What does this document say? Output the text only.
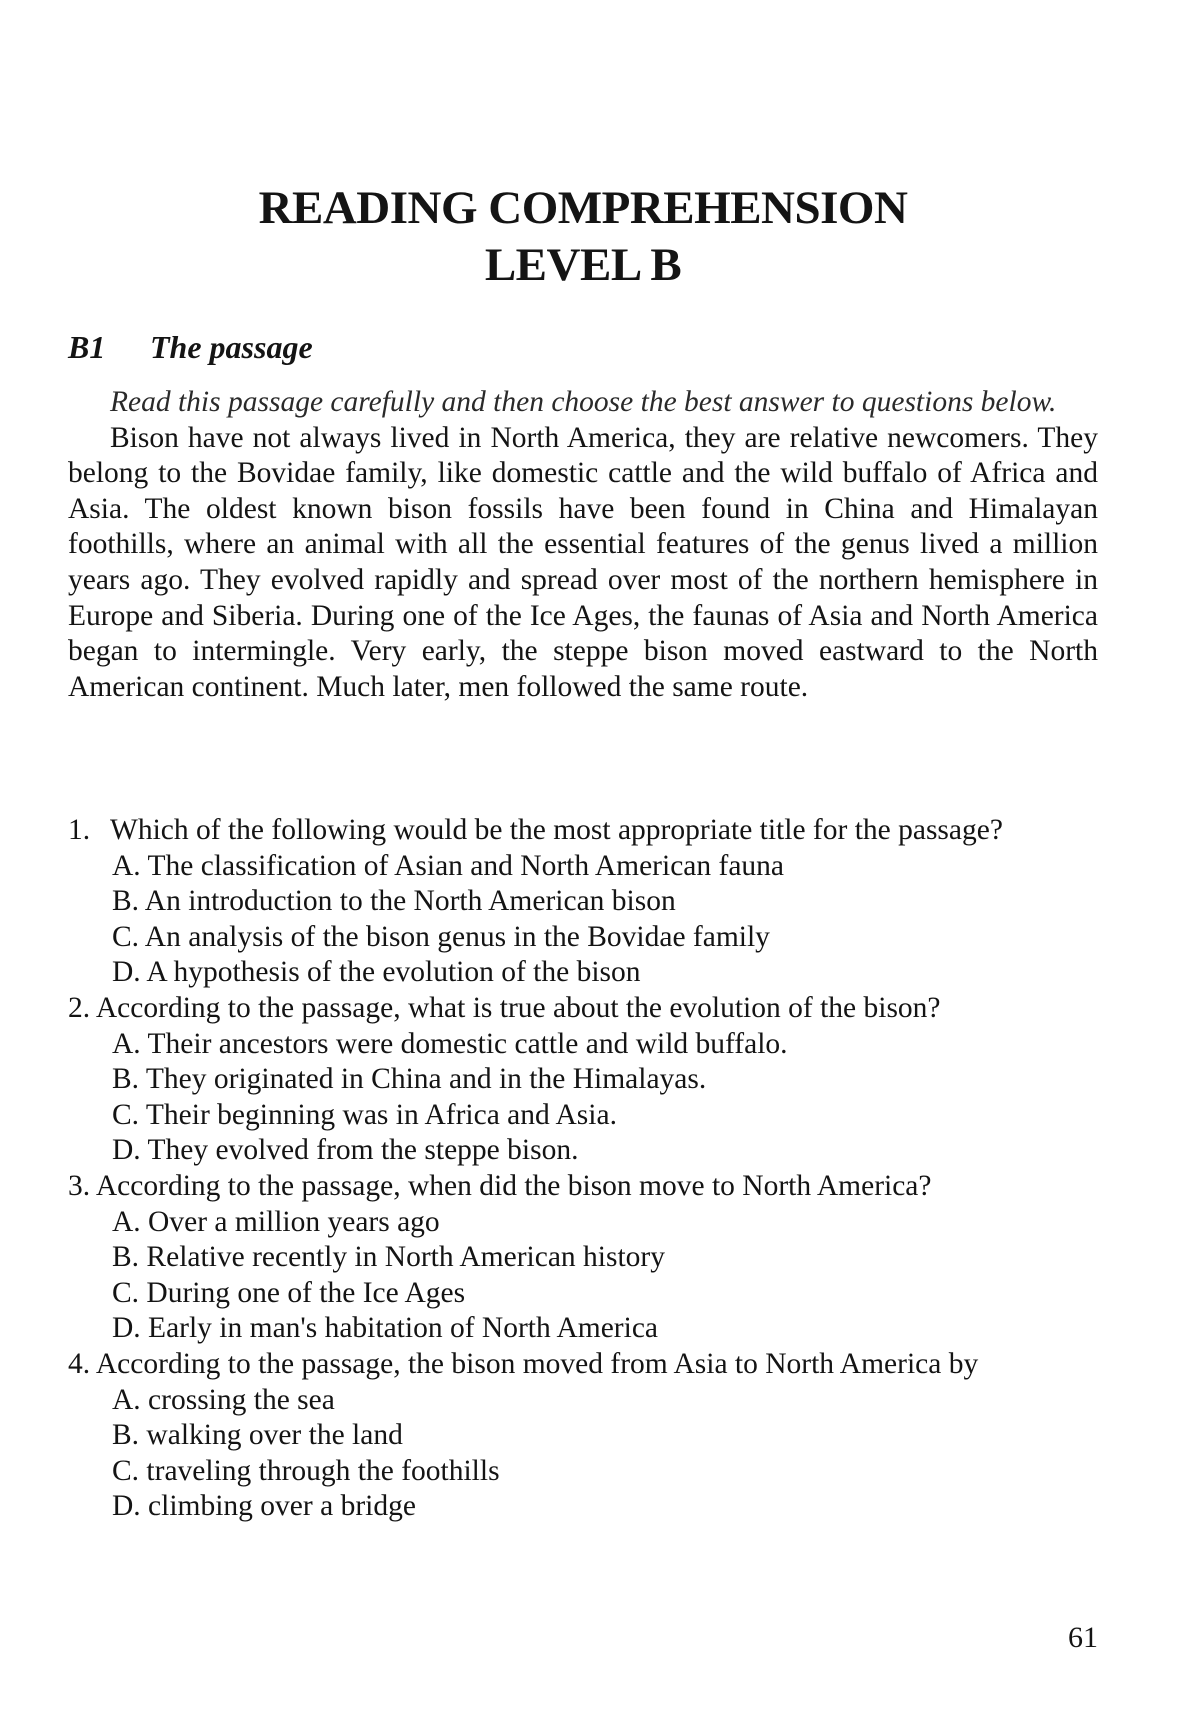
READING COMPREHENSION
LEVEL B
B1 The passage

Read this passage carefully and then choose the best answer to questions below.

Bison have not always lived in North America, they are relative newcomers. They belong to the Bovidae family, like domestic cattle and the wild buffalo of Africa and Asia. The oldest known bison fossils have been found in China and Himalayan foothills, where an animal with all the essential features of the genus lived a million years ago. They evolved rapidly and spread over most of the northern hemisphere in Europe and Siberia. During one of the Ice Ages, the faunas of Asia and North America began to intermingle. Very early, the steppe bison moved eastward to the North American continent. Much later, men followed the same route.

1. Which of the following would be the most appropriate title for the passage?
A. The classification of Asian and North American fauna
B. An introduction to the North American bison
C. An analysis of the bison genus in the Bovidae family
D. A hypothesis of the evolution of the bison
2. According to the passage, what is true about the evolution of the bison?
A. Their ancestors were domestic cattle and wild buffalo.
B. They originated in China and in the Himalayas.
C. Their beginning was in Africa and Asia.
D. They evolved from the steppe bison.
3. According to the passage, when did the bison move to North America?
A. Over a million years ago
B. Relative recently in North American history
C. During one of the Ice Ages
D. Early in man's habitation of North America
4. According to the passage, the bison moved from Asia to North America by
A. crossing the sea
B. walking over the land
C. traveling through the foothills
D. climbing over a bridge
61
